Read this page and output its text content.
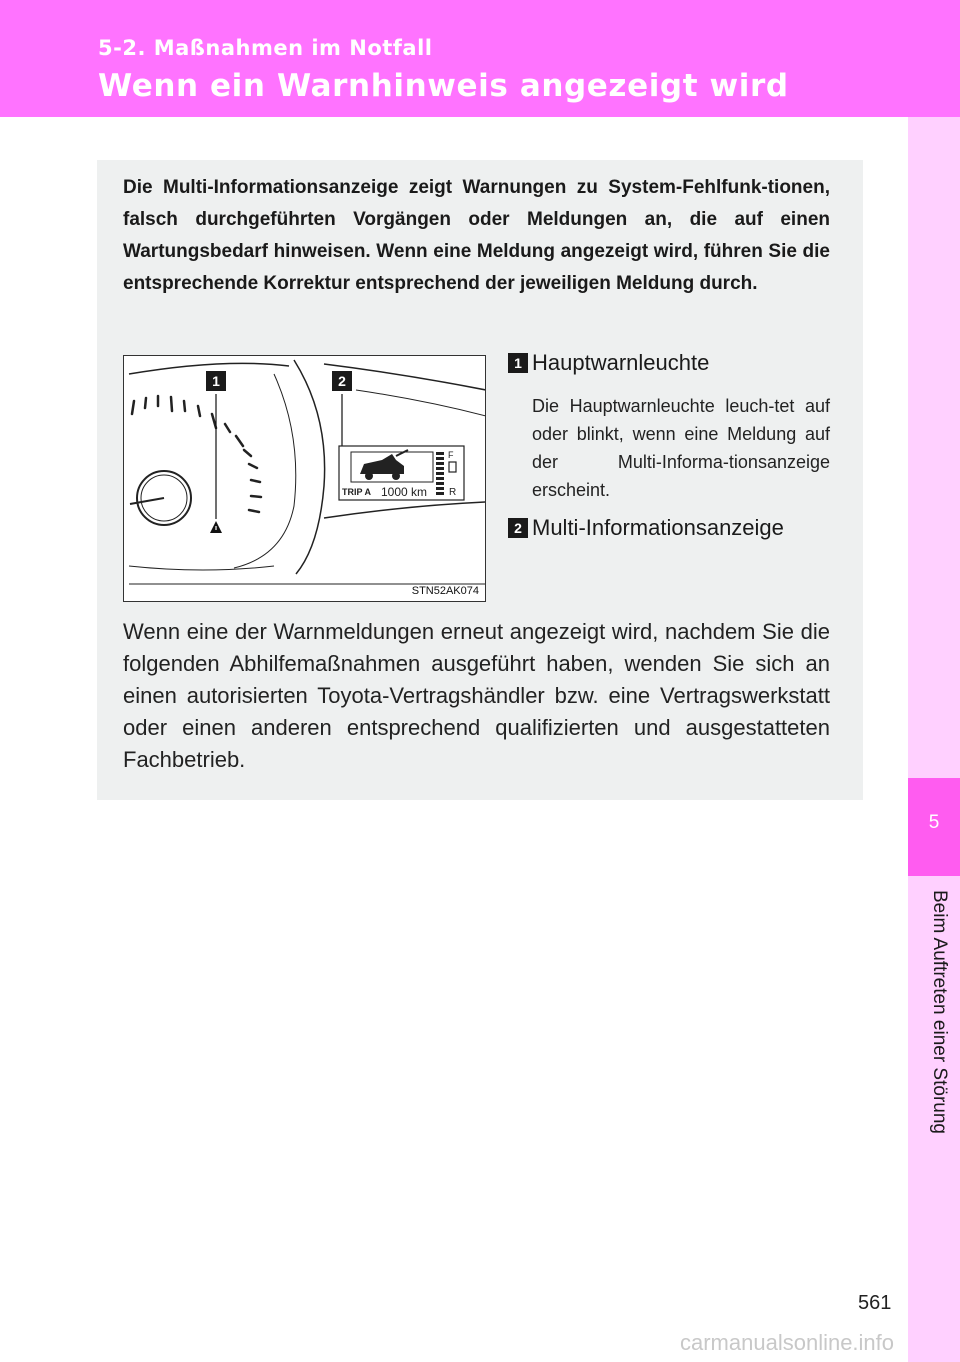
5-2. Maßnahmen im Notfall
Wenn ein Warnhinweis angezeigt wird
5
Beim Auftreten einer Störung

Die Multi-Informationsanzeige zeigt Warnungen zu System-Fehlfunk-tionen, falsch durchgeführten Vorgängen oder Meldungen an, die auf einen Wartungsbedarf hinweisen. Wenn eine Meldung angezeigt wird, führen Sie die entsprechende Korrektur entsprechend der jeweiligen Meldung durch.

F
TRIP A 1000 km R
1	2
STN52AK074
1 Hauptwarnleuchte

Die Hauptwarnleuchte leuch-tet auf oder blinkt, wenn eine Meldung auf der Multi-Informa-tionsanzeige erscheint.

2 Multi-Informationsanzeige

Wenn eine der Warnmeldungen erneut angezeigt wird, nachdem Sie die folgenden Abhilfemaßnahmen ausgeführt haben, wenden Sie sich an einen autorisierten Toyota-Vertragshändler bzw. eine Vertragswerkstatt oder einen anderen entsprechend qualifizierten und ausgestatteten Fachbetrieb.

561
carmanualsonline.info
